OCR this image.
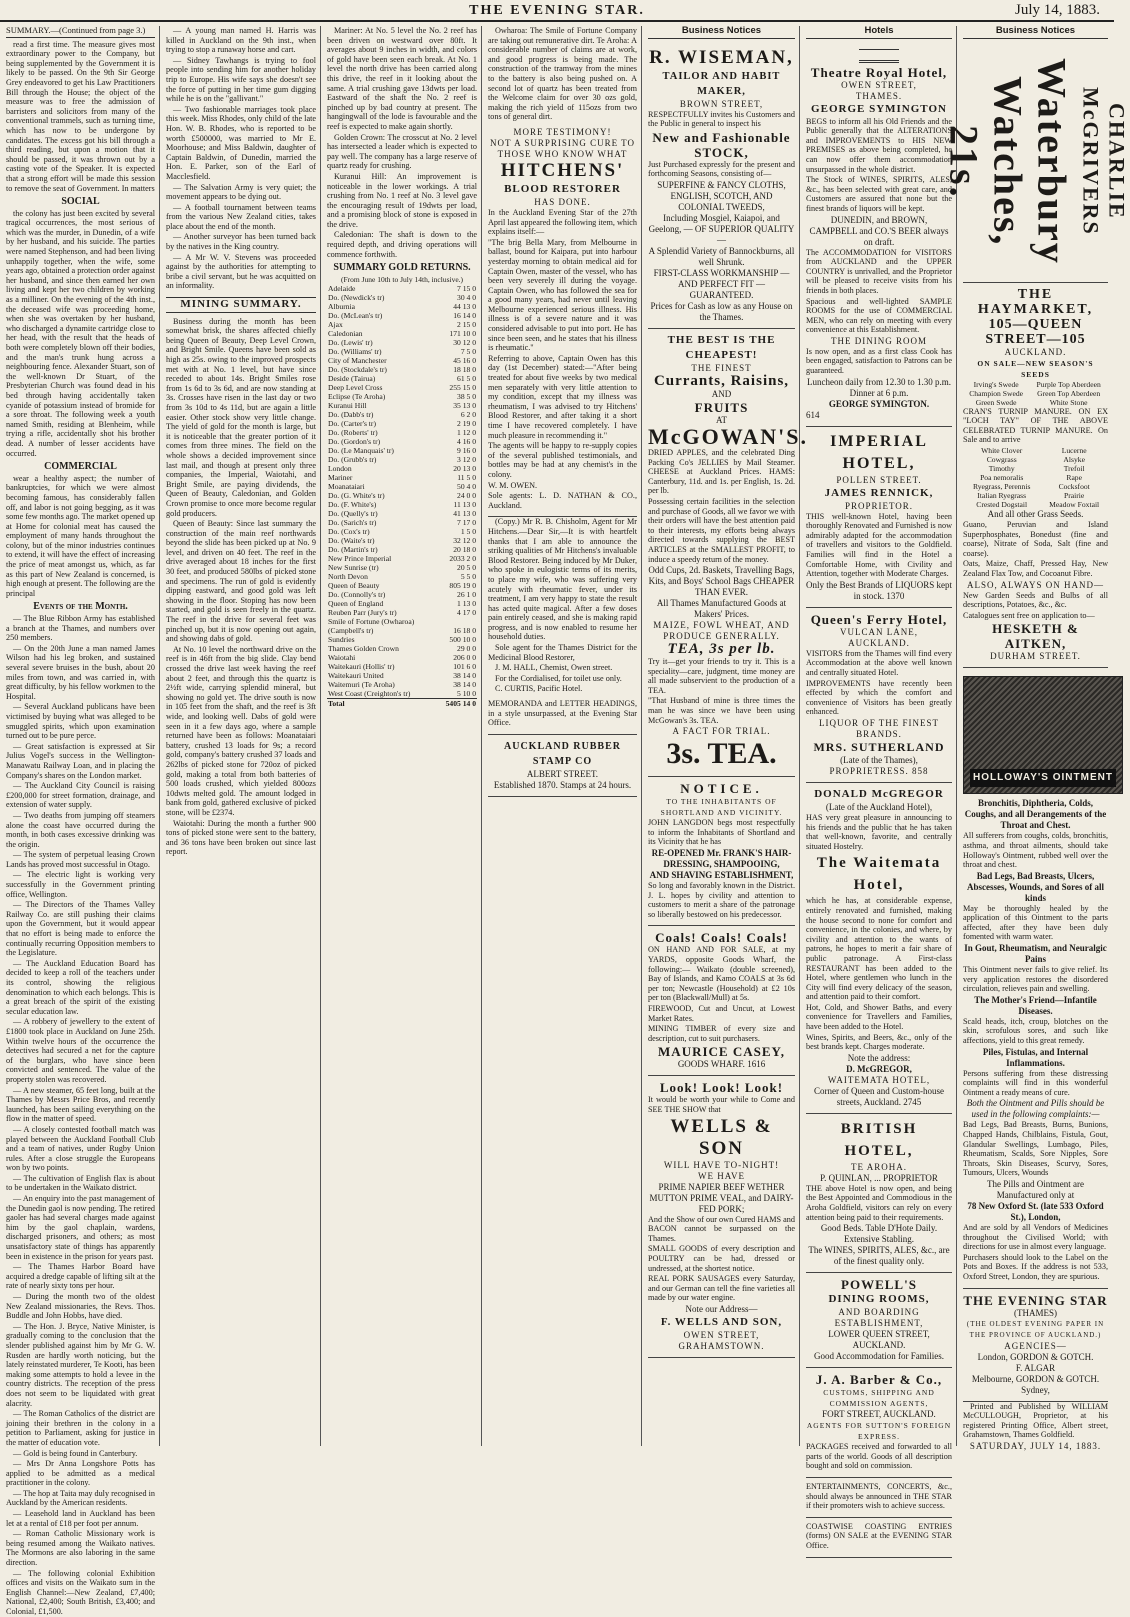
THE EVENING STAR.	July 14, 1883.
SUMMARY.—(Continued from page 3.)

read a first time. The measure gives most extraordinary power to the Company, but being supplemented by the Government it is likely to be passed. On the 9th Sir George Grey endeavored to get his Law Practitioners Bill through the House; the object of the measure was to free the admission of barristers and solicitors from many of the conventional trammels, such as turning time, which has now to be undergone by candidates. The excess got his bill through a third reading, but upon a motion that it should be passed, it was thrown out by a casting vote of the Speaker. It is expected that a strong effort will be made this session to remove the seat of Government. In matters

SOCIAL

the colony has just been excited by several tragical occurrences, the most serious of which was the murder, in Dunedin, of a wife by her husband, and his suicide. The parties were named Stephenson, and had been living unhappily together, when the wife, some years ago, obtained a protection order against her husband, and since then earned her own living and kept her two children by working as a milliner. On the evening of the 4th inst., the deceased wife was proceeding home, when she was overtaken by her husband, who discharged a dynamite cartridge close to her head, with the result that the heads of both were completely blown off their bodies, and the man's trunk hung across a neighbouring fence. Alexander Stuart, son of the well-known Dr Stuart, of the Presbyterian Church was found dead in his bed through having accidentally taken cyanide of potassium instead of bromide for a sore throat. The following week a youth named Smith, residing at Blenheim, while trying a rifle, accidentally shot his brother dead. A number of lesser accidents have occurred.

COMMERCIAL

wear a healthy aspect; the number of bankruptcies, for which we were almost becoming famous, has considerably fallen off, and labor is not going begging, as it was some few months ago. The market opened up at Home for colonial meat has caused the employment of many hands throughout the colony, but of the minor industries continues to extend, it will have the effect of increasing the price of meat amongst us, which, as far as this part of New Zealand is concerned, is high enough at present. The following are the principal

Events of the Month.

— The Blue Ribbon Army has established a branch at the Thames, and numbers over 250 members.

— On the 20th June a man named James Wilson had his leg broken, and sustained several severe bruises in the bush, about 20 miles from town, and was carried in, with great difficulty, by his fellow workmen to the Hospital.

— Several Auckland publicans have been victimised by buying what was alleged to be smuggled spirits, which upon examination turned out to be pure perce.

— Great satisfaction is expressed at Sir Julius Vogel's success in the Wellington-Manawatu Railway Loan, and in placing the Company's shares on the London market.

— The Auckland City Council is raising £200,000 for street formation, drainage, and extension of water supply.

— Two deaths from jumping off steamers alone the coast have occurred during the month, in both cases excessive drinking was the origin.

— The system of perpetual leasing Crown Lands has proved most successful in Otago.

— The electric light is working very successfully in the Government printing office, Wellington.

— The Directors of the Thames Valley Railway Co. are still pushing their claims upon the Government, but it would appear that no effort is being made to enforce the continually recurring Opposition members to the Legislature.

— The Auckland Education Board has decided to keep a roll of the teachers under its control, showing the religious denomination to which each belongs. This is a great breach of the spirit of the existing secular education law.

— A robbery of jewellery to the extent of £1800 took place in Auckland on June 25th. Within twelve hours of the occurrence the detectives had secured a net for the capture of the burglars, who have since been convicted and sentenced. The value of the property stolen was recovered.

— A new steamer, 65 feet long, built at the Thames by Messrs Price Bros, and recently launched, has been sailing everything on the flow in the matter of speed.

— A closely contested football match was played between the Auckland Football Club and a team of natives, under Rugby Union rules. After a close struggle the Europeans won by two points.

— The cultivation of English flax is about to be undertaken in the Waikato district.

— An enquiry into the past management of the Dunedin gaol is now pending. The retired gaoler has had several charges made against him by the gaol chaplain, wardens, discharged prisoners, and others; as most unsatisfactory state of things has apparently been in existence in the prison for years past.

— The Thames Harbor Board have acquired a dredge capable of lifting silt at the rate of nearly sixty tons per hour.

— During the month two of the oldest New Zealand missionaries, the Revs. Thos. Buddle and John Hobbs, have died.

— The Hon. J. Bryce, Native Minister, is gradually coming to the conclusion that the slender published against him by Mr G. W. Rusden are hardly worth noticing, but the lately reinstated murderer, Te Kooti, has been making some attempts to hold a levee in the country districts. The reception of the press does not seem to be liquidated with great alacrity.

— The Roman Catholics of the district are joining their brethren in the colony in a petition to Parliament, asking for justice in the matter of education vote.

— Gold is being found in Canterbury.

— Mrs Dr Anna Longshore Potts has applied to be admitted as a medical practitioner in the colony.

— The hop at Taita may duly recognised in Auckland by the American residents.

— Leasehold land in Auckland has been let at a rental of £18 per foot per annum.

— Roman Catholic Missionary work is being resumed among the Waikato natives. The Mormons are also laboring in the same direction.

— The following colonial Exhibition offices and visits on the Waikato sum in the English Channel:—New Zealand, £7,400; National, £2,400; South British, £3,400; and Colonial, £1,500.

— A young man named H. Harris was killed in Auckland on the 9th inst., when trying to stop a runaway horse and cart.

— Sidney Tawhangs is trying to fool people into sending him for another holiday trip to Europe. His wife says she doesn't see the force of putting in her time gum digging while he is on the "gallivant."

— Two fashionable marriages took place this week. Miss Rhodes, only child of the late Hon. W. B. Rhodes, who is reported to be worth £500000, was married to Mr E. Moorhouse; and Miss Baldwin, daughter of Captain Baldwin, of Dunedin, married the Hon. E. Parker, son of the Earl of Macclesfield.

— The Salvation Army is very quiet; the movement appears to be dying out.

— A football tournament between teams from the various New Zealand cities, takes place about the end of the month.

— Another surveyor has been turned back by the natives in the King country.

— A Mr W. V. Stevens was proceeded against by the authorities for attempting to bribe a civil servant, but he was acquitted on an informality.

MINING SUMMARY.

Business during the month has been somewhat brisk, the shares affected chiefly being Queen of Beauty, Deep Level Crown, and Bright Smile. Queens have been sold as high as 25s. owing to the improved prospects met with at No. 1 level, but have since receded to about 14s. Bright Smiles rose from 1s 6d to 3s 6d, and are now standing at 3s. Crosses have risen in the last day or two from 3s 10d to 4s 11d, but are again a little easier. Other stock show very little change. The yield of gold for the month is large, but it is noticeable that the greater portion of it comes from three mines. The field on the whole shows a decided improvement since last mail, and though at present only three companies, the Imperial, Waiotahi, and Bright Smile, are paying dividends, the Queen of Beauty, Caledonian, and Golden Crown promise to once more become regular gold producers.

Queen of Beauty: Since last summary the construction of the main reef northwards beyond the slide has been picked up at No. 9 level, and driven on 40 feet. The reef in the drive averaged about 18 inches for the first 30 feet, and produced 580lbs of picked stone and specimens. The run of gold is evidently dipping eastward, and good gold was left showing in the floor. Stoping has now been started, and gold is seen freely in the quartz. The reef in the drive for several feet was pinched up, but it is now opening out again, and showing dabs of gold.

At No. 10 level the northward drive on the reef is in 46ft from the big slide. Clay bend crossed the drive last week having the reef about 2 feet, and through this the quartz is 2½ft wide, carrying splendid mineral, but showing no gold yet. The drive south is now in 105 feet from the shaft, and the reef is 3ft wide, and looking well. Dabs of gold were seen in it a few days ago, where a sample returned have been as follows: Moanataiari battery, crushed 13 loads for 9s; a record gold, company's battery crushed 37 loads and 262lbs of picked stone for 720oz of picked gold, making a total from both batteries of 500 loads crushed, which yielded 800ozs 10dwts melted gold. The amount lodged in bank from gold, gathered exclusive of picked stone, will be £2374.

Waiotahi: During the month a further 900 tons of picked stone were sent to the battery, and 36 tons have been broken out since last report.

Mariner: At No. 5 level the No. 2 reef has been driven on westward over 80ft. It averages about 9 inches in width, and colors of gold have been seen each break. At No. 1 level the north drive has been carried along this drive, the reef in it looking about the same. A trial crushing gave 13dwts per load. Eastward of the shaft the No. 2 reef is pinched up by bad country at present. The hangingwall of the lode is favourable and the reef is expected to make again shortly.

Golden Crown: The crosscut at No. 2 level has intersected a leader which is expected to pay well. The company has a large reserve of quartz ready for crushing.

Kuranui Hill: An improvement is noticeable in the lower workings. A trial crushing from No. 1 reef at No. 3 level gave the encouraging result of 19dwts per load, and a promising block of stone is exposed in the drive.

Caledonian: The shaft is down to the required depth, and driving operations will commence forthwith.

SUMMARY GOLD RETURNS.
(From June 10th to July 14th, inclusive.)
Adelaide	7 15 0
Do. (Newdick's tr)	30 4 0
Alburnia	44 13 0
Do. (McLean's tr)	16 14 0
Ajax	2 15 0
Caledonian	171 10 0
Do. (Lewis' tr)	30 12 0
Do. (Williams' tr)	7 5 0
City of Manchester	45 16 0
Do. (Stockdale's tr)	18 18 0
Deside (Tairua)	61 5 0
Deep Level Cross	255 15 0
Eclipse (Te Aroha)	38 5 0
Kuranui Hill	35 13 0
Do. (Dabb's tr)	6 2 0
Do. (Carter's tr)	2 19 0
Do. (Roberts' tr)	1 12 0
Do. (Gordon's tr)	4 16 0
Do. (Le Manquais' tr)	9 16 0
Do. (Grubb's tr)	3 12 0
London	20 13 0
Mariner	11 5 0
Moanataiari	50 4 0
Do. (G. White's tr)	24 0 0
Do. (F. White's)	11 13 0
Do. (Quelly's tr)	41 13 0
Do. (Sarich's tr)	7 17 0
Do. (Cox's tr)	1 5 0
Do. (Waite's tr)	32 12 0
Do. (Martin's tr)	20 18 0
New Prince Imperial	2033 2 0
New Sunrise (tr)	20 5 0
North Devon	5 5 0
Queen of Beauty	805 19 0
Do. (Connolly's tr)	26 1 0
Queen of England	1 13 0
Reuben Parr (Jury's tr)	4 17 0
Smile of Fortune (Owharoa)	
(Campbell's tr)	16 18 0
Sundries	500 10 0
Thames Golden Crown	29 0 0
Waiotahi	206 0 0
Waitekauri (Hollis' tr)	101 6 0
Waitekauri United	38 14 0
Waitemuri (Te Aroha)	38 14 0
West Coast (Creighton's tr)	5 10 0
Total	5405 14 0

Owharoa: The Smile of Fortune Company are taking out remunerative dirt. Te Aroha: A considerable number of claims are at work, and good progress is being made. The construction of the tramway from the mines to the battery is also being pushed on. A second lot of quartz has been treated from the Welcome claim for over 30 ozs gold, making the rich yield of 115ozs from two tons of general dirt.

MORE TESTIMONY!
NOT A SURPRISING CURE TO THOSE WHO KNOW WHAT
HITCHENS'
BLOOD RESTORER
HAS DONE.

In the Auckland Evening Star of the 27th April last appeared the following item, which explains itself:—

"The brig Bella Mary, from Melbourne in ballast, bound for Kaipara, put into harbour yesterday morning to obtain medical aid for Captain Owen, master of the vessel, who has been very severely ill during the voyage. Captain Owen, who has followed the sea for a good many years, had never until leaving Melbourne experienced serious illness. His illness is of a severe nature and it was considered advisable to put into port. He has since been seen, and he states that his illness is rheumatic."

Referring to above, Captain Owen has this day (1st December) stated:—"After being treated for about five weeks by two medical men separately with very little attention to my condition, except that my illness was rheumatism, I was advised to try Hitchens' Blood Restorer, and after taking it a short time I have recovered completely. I have much pleasure in recommending it."

The agents will be happy to re-supply copies of the several published testimonials, and bottles may be had at any chemist's in the colony.

W. M. OWEN.

Sole agents: L. D. NATHAN & CO., Auckland.

(Copy.) Mr R. B. Chisholm, Agent for Mr Hitchens.—Dear Sir,—It is with heartfelt thanks that I am able to announce the striking qualities of Mr Hitchens's invaluable Blood Restorer. Being induced by Mr Duker, who spoke in eulogistic terms of its merits, to place my wife, who was suffering very acutely with rheumatic fever, under its treatment, I am very happy to state the result has acted quite magical. After a few doses pain entirely ceased, and she is making rapid progress, and is now enabled to resume her household duties.

Sole agent for the Thames District for the Medicinal Blood Restorer,

J. M. HALL, Chemist, Owen street.

For the Cordialised, for toilet use only.

C. CURTIS, Pacific Hotel.

MEMORANDA and LETTER HEADINGS, in a style unsurpassed, at the Evening Star Office.

AUCKLAND RUBBER STAMP CO
ALBERT STREET.
Established 1870. Stamps at 24 hours.
Business Notices
R. WISEMAN,
TAILOR AND HABIT MAKER,
BROWN STREET,

RESPECTFULLY invites his Customers and the Public in general to inspect his

New and Fashionable STOCK,

Just Purchased expressly for the present and forthcoming Seasons, consisting of—

SUPERFINE & FANCY CLOTHS, ENGLISH, SCOTCH, AND COLONIAL TWEEDS,
Including Mosgiel, Kaiapoi, and Geelong, — OF SUPERIOR QUALITY —
A Splendid Variety of Bannockburns, all well Shrunk.
FIRST-CLASS WORKMANSHIP — AND PERFECT FIT — GUARANTEED.
Prices for Cash as low as any House on the Thames.
THE BEST IS THE CHEAPEST!
THE FINEST
Currants, Raisins,
AND
FRUITS
AT
McGOWAN'S.

DRIED APPLES, and the celebrated Ding Packing Co's JELLIES by Mail Steamer. CHEESE at Auckland Prices. HAMS: Canterbury, 11d. and 1s. per English, 1s. 2d. per lb.

Possessing certain facilities in the selection and purchase of Goods, all we favor we with their orders will have the best attention paid to their interests, my efforts being always directed towards supplying the BEST ARTICLES at the SMALLEST PROFIT, to induce a speedy return of the money.

Odd Cups, 2d. Baskets, Travelling Bags, Kits, and Boys' School Bags CHEAPER THAN EVER.
All Thames Manufactured Goods at Makers' Prices.
MAIZE, FOWL WHEAT, AND PRODUCE GENERALLY.
TEA, 3s per lb.

Try it—get your friends to try it. This is a speciality—care, judgment, time money are all made subservient to the production of a TEA.

"That Husband of mine is three times the man he was since we have been using McGowan's 3s. TEA.

A FACT FOR TRIAL.
3s. TEA.
NOTICE.
TO THE INHABITANTS OF SHORTLAND AND VICINITY.

JOHN LANGDON begs most respectfully to inform the Inhabitants of Shortland and its Vicinity that he has

RE-OPENED Mr. FRANK'S HAIR-DRESSING, SHAMPOOING,
AND SHAVING ESTABLISHMENT,

So long and favorably known in the District. J. L. hopes by civility and attention to customers to merit a share of the patronage so liberally bestowed on his predecessor.

Coals! Coals! Coals!

ON HAND AND FOR SALE, at my YARDS, opposite Goods Wharf, the following:— Waikato (double screened), Bay of Islands, and Kamo COALS at 3s 6d per ton; Newcastle (Household) at £2 10s per ton (Blackwall/Mull) at 5s.

FIREWOOD, Cut and Uncut, at Lowest Market Rates.

MINING TIMBER of every size and description, cut to suit purchasers.

MAURICE CASEY,
GOODS WHARF. 1616
Look! Look! Look!

It would be worth your while to Come and SEE THE SHOW that

WELLS & SON
WILL HAVE TO-NIGHT!
WE HAVE
PRIME NAPIER BEEF WETHER MUTTON PRIME VEAL, and DAIRY-FED PORK;

And the Show of our own Cured HAMS and BACON cannot be surpassed on the Thames.

SMALL GOODS of every description and POULTRY can be had, dressed or undressed, at the shortest notice.

REAL PORK SAUSAGES every Saturday, and our German can tell the fine varieties all made by our water engine.

Note our Address—
F. WELLS AND SON,
OWEN STREET, GRAHAMSTOWN.
Hotels
Theatre Royal Hotel,
OWEN STREET,
THAMES.
GEORGE SYMINGTON

BEGS to inform all his Old Friends and the Public generally that the ALTERATIONS and IMPROVEMENTS to HIS NEW PREMISES as above being completed, he can now offer them accommodation unsurpassed in the whole district.

The Stock of WINES, SPIRITS, ALES, &c., has been selected with great care, and Customers are assured that none but the finest brands of liquors will be kept.

DUNEDIN, and BROWN, CAMPBELL and CO.'S BEER always on draft.

The ACCOMMODATION for VISITORS from AUCKLAND and the UPPER COUNTRY is unrivalled, and the Proprietor will be pleased to receive visits from his friends in both places.

Spacious and well-lighted SAMPLE ROOMS for the use of COMMERCIAL MEN, who can rely on meeting with every convenience at this Establishment.

THE DINING ROOM

Is now open, and as a first class Cook has been engaged, satisfaction to Patrons can be guaranteed.

Luncheon daily from 12.30 to 1.30 p.m. Dinner at 6 p.m.
GEORGE SYMINGTON.
614
IMPERIAL HOTEL,
POLLEN STREET.
JAMES RENNICK,
PROPRIETOR.

THIS well-known Hotel, having been thoroughly Renovated and Furnished is now admirably adapted for the accommodation of travellers and visitors to the Goldfield. Families will find in the Hotel a Comfortable Home, with Civility and Attention, together with Moderate Charges.

Only the Best Brands of LIQUORS kept in stock. 1370
Queen's Ferry Hotel,
VULCAN LANE,
AUCKLAND.

VISITORS from the Thames will find every Accommodation at the above well known and centrally situated Hotel.

IMPROVEMENTS have recently been effected by which the comfort and convenience of Visitors has been greatly enhanced.

LIQUOR OF THE FINEST BRANDS.
MRS. SUTHERLAND
(Late of the Thames),
PROPRIETRESS. 858
DONALD McGREGOR
(Late of the Auckland Hotel),

HAS very great pleasure in announcing to his friends and the public that he has taken that well-known, favorite, and centrally situated Hostelry.

The Waitemata Hotel,

which he has, at considerable expense, entirely renovated and furnished, making the house second to none for comfort and convenience, in the colonies, and where, by civility and attention to the wants of patrons, he hopes to merit a fair share of public patronage. A First-class RESTAURANT has been added to the Hotel, where gentlemen who lunch in the City will find every delicacy of the season, and attention paid to their comfort.

Hot, Cold, and Shower Baths, and every convenience for Travellers and Families, have been added to the Hotel.

Wines, Spirits, and Beers, &c., only of the best brands kept. Charges moderate.

Note the address:
D. McGREGOR,
WAITEMATA HOTEL,
Corner of Queen and Custom-house streets, Auckland. 2745
BRITISH HOTEL,
TE AROHA.
P. QUINLAN, ... PROPRIETOR

THE above Hotel is now open, and being the Best Appointed and Commodious in the Aroha Goldfield, visitors can rely on every attention being paid to their requirements.

Good Beds. Table D'Hote Daily.
Extensive Stabling.
The WINES, SPIRITS, ALES, &c., are of the finest quality only.
POWELL'S
DINING ROOMS,
AND BOARDING ESTABLISHMENT,
LOWER QUEEN STREET, AUCKLAND.
Good Accommodation for Families.
J. A. Barber & Co.,
CUSTOMS, SHIPPING AND COMMISSION AGENTS,
FORT STREET, AUCKLAND.
AGENTS FOR SUTTON'S FOREIGN EXPRESS.

PACKAGES received and forwarded to all parts of the world. Goods of all description bought and sold on commission.

ENTERTAINMENTS, CONCERTS, &c., should always be announced in THE STAR if their promoters wish to achieve success.

COASTWISE COASTING ENTRIES (forms) ON SALE at the EVENING STAR Office.

Business Notices
Waterbury Watches, 21s.	CHARLIE McGRIVERS
THE HAYMARKET,
105—QUEEN STREET—105
AUCKLAND.
ON SALE—NEW SEASON'S SEEDS
Irving's Swede	Purple Top Aberdeen
Champion Swede	Green Top Aberdeen
Green Swede	White Stone

CRAN'S TURNIP MANURE. ON EX "LOCH TAY" OF THE ABOVE CELEBRATED TURNIP MANURE. On Sale and to arrive

White Clover	Lucerne
Cowgrass	Alsyke
Timothy	Trefoil
Poa nemoralis	Rape
Ryegrass, Perennis	Cocksfoot
Italian Ryegrass	Prairie
Crested Dogstail	Meadow Foxtail
And all other Grass Seeds.

Guano, Peruvian and Island Superphosphates, Bonedust (fine and coarse), Nitrate of Soda, Salt (fine and coarse).

Oats, Maize, Chaff, Pressed Hay, New Zealand Flax Tow, and Cocoanut Fibre.

ALSO, ALWAYS ON HAND—

New Garden Seeds and Bulbs of all descriptions, Potatoes, &c., &c.

Catalogues sent free on application to—

HESKETH & AITKEN,
DURHAM STREET.
HOLLOWAY'S OINTMENT
Bronchitis, Diphtheria, Colds, Coughs, and all Derangements of the Throat and Chest.

All sufferers from coughs, colds, bronchitis, asthma, and throat ailments, should take Holloway's Ointment, rubbed well over the throat and chest.

Bad Legs, Bad Breasts, Ulcers, Abscesses, Wounds, and Sores of all kinds

May be thoroughly healed by the application of this Ointment to the parts affected, after they have been duly fomented with warm water.

In Gout, Rheumatism, and Neuralgic Pains

This Ointment never fails to give relief. Its very application restores the disordered circulation, relieves pain and swelling.

The Mother's Friend—Infantile Diseases.

Scald heads, itch, croup, blotches on the skin, scrofulous sores, and such like affections, yield to this great remedy.

Piles, Fistulas, and Internal Inflammations.

Persons suffering from these distressing complaints will find in this wonderful Ointment a ready means of cure.

Both the Ointment and Pills should be used in the following complaints:—

Bad Legs, Bad Breasts, Burns, Bunions, Chapped Hands, Chilblains, Fistula, Gout, Glandular Swellings, Lumbago, Piles, Rheumatism, Scalds, Sore Nipples, Sore Throats, Skin Diseases, Scurvy, Sores, Tumours, Ulcers, Wounds

The Pills and Ointment are Manufactured only at
78 New Oxford St. (late 533 Oxford St.), London,

And are sold by all Vendors of Medicines throughout the Civilised World; with directions for use in almost every language.

Purchasers should look to the Label on the Pots and Boxes. If the address is not 533, Oxford Street, London, they are spurious.

THE EVENING STAR
(THAMES)
(THE OLDEST EVENING PAPER IN THE PROVINCE OF AUCKLAND.)
AGENCIES—
London, GORDON & GOTCH.
F. ALGAR
Melbourne, GORDON & GOTCH.
Sydney,

Printed and Published by WILLIAM McCULLOUGH, Proprietor, at his registered Printing Office, Albert street, Grahamstown, Thames Goldfield.

SATURDAY, JULY 14, 1883.
